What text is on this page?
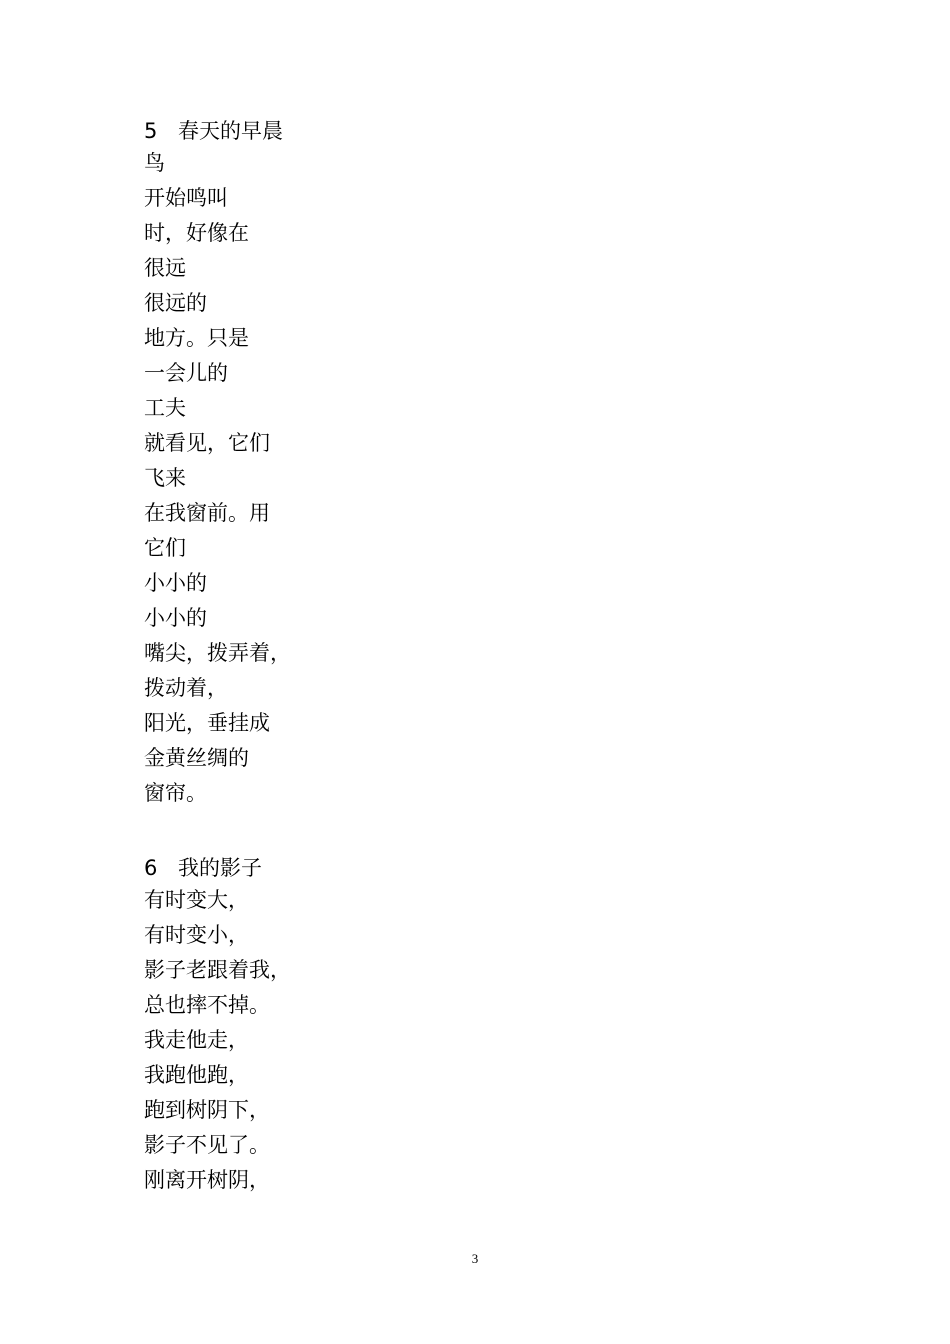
5 春天的早晨
鸟
开始鸣叫
时，好像在
很远
很远的
地方。只是
一会儿的
工夫
就看见，它们
飞来
在我窗前。用
它们
小小的
小小的
嘴尖，拨弄着，
拨动着，
阳光，垂挂成
金黄丝绸的
窗帘。
6 我的影子
有时变大，
有时变小，
影子老跟着我，
总也摔不掉。
我走他走，
我跑他跑，
跑到树阴下，
影子不见了。
刚离开树阴，
3
